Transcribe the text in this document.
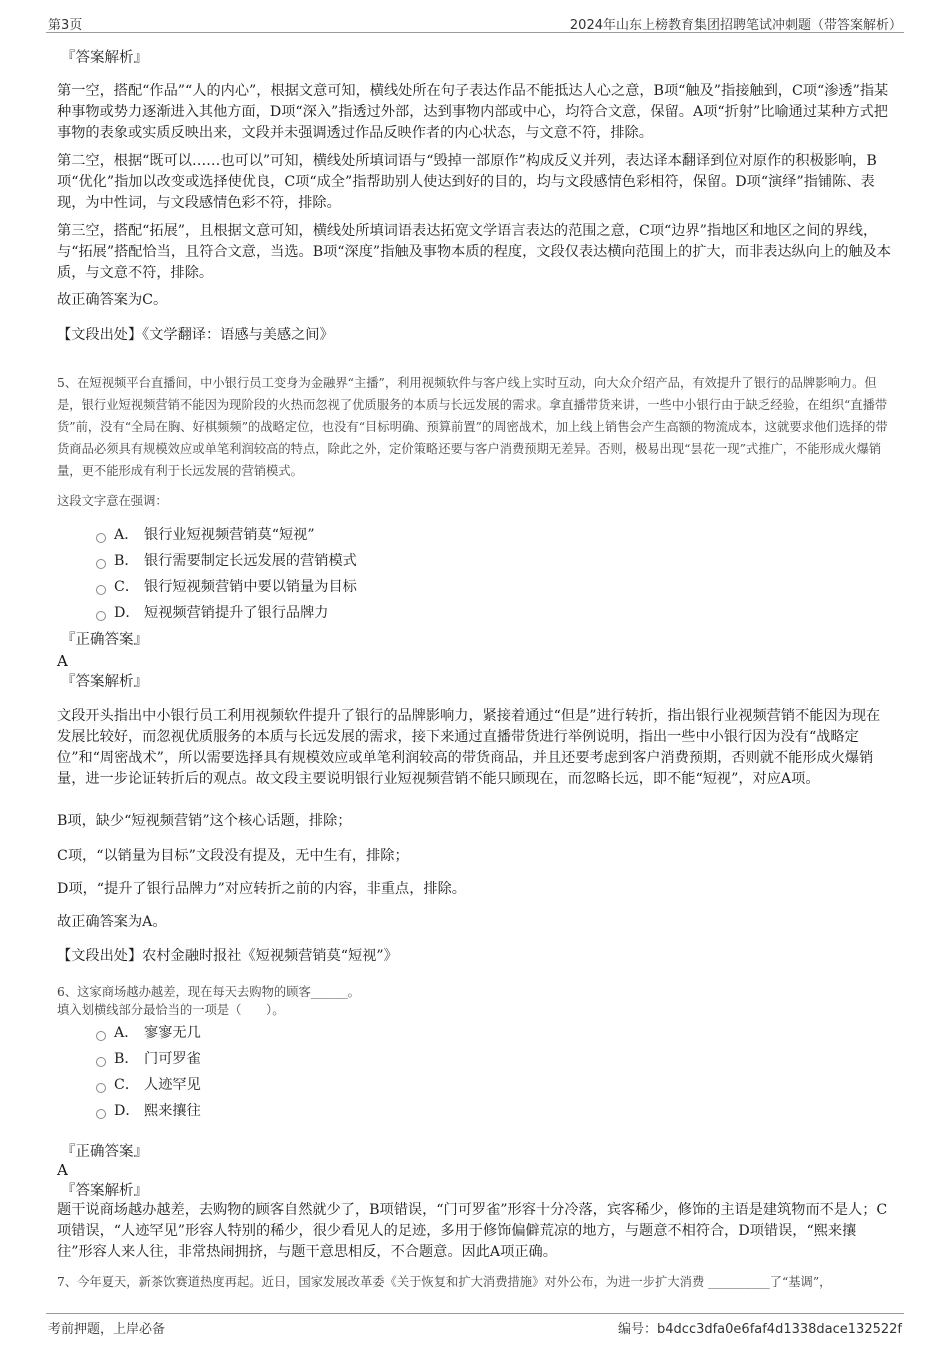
第3页	2024年山东上榜教育集团招聘笔试冲刺题（带答案解析）
『答案解析』
第一空，搭配“作品”“人的内心”，根据文意可知，横线处所在句子表达作品不能抵达人心之意，B项“触及”指接触到，C项“渗透”指某种事物或势力逐渐进入其他方面，D项“深入”指透过外部，达到事物内部或中心，均符合文意，保留。A项“折射”比喻通过某种方式把事物的表象或实质反映出来，文段并未强调透过作品反映作者的内心状态，与文意不符，排除。
第二空，根据“既可以……也可以”可知，横线处所填词语与“毁掉一部原作”构成反义并列，表达译本翻译到位对原作的积极影响，B项“优化”指加以改变或选择使优良，C项“成全”指帮助别人使达到好的目的，均与文段感情色彩相符，保留。D项“演绎”指铺陈、表现，为中性词，与文段感情色彩不符，排除。
第三空，搭配“拓展”，且根据文意可知，横线处所填词语表达拓宽文学语言表达的范围之意，C项“边界”指地区和地区之间的界线，与“拓展”搭配恰当，且符合文意，当选。B项“深度”指触及事物本质的程度，文段仅表达横向范围上的扩大，而非表达纵向上的触及本质，与文意不符，排除。
故正确答案为C。
【文段出处】《文学翻译：语感与美感之间》
5、在短视频平台直播间，中小银行员工变身为金融界“主播”，利用视频软件与客户线上实时互动，向大众介绍产品，有效提升了银行的品牌影响力。但是，银行业短视频营销不能因为现阶段的火热而忽视了优质服务的本质与长远发展的需求。拿直播带货来讲，一些中小银行由于缺乏经验，在组织“直播带货”前，没有“全局在胸、好棋频频”的战略定位，也没有“目标明确、预算前置”的周密战术，加上线上销售会产生高额的物流成本，这就要求他们选择的带货商品必须具有规模效应或单笔利润较高的特点，除此之外，定价策略还要与客户消费预期无差异。否则，极易出现“昙花一现”式推广，不能形成火爆销量，更不能形成有利于长远发展的营销模式。
这段文字意在强调：
A． 银行业短视频营销莫“短视”
B． 银行需要制定长远发展的营销模式
C． 银行短视频营销中要以销量为目标
D． 短视频营销提升了银行品牌力
『正确答案』
A
『答案解析』
文段开头指出中小银行员工利用视频软件提升了银行的品牌影响力，紧接着通过“但是”进行转折，指出银行业视频营销不能因为现在发展比较好，而忽视优质服务的本质与长远发展的需求，接下来通过直播带货进行举例说明，指出一些中小银行因为没有“战略定位”和“周密战术”，所以需要选择具有规模效应或单笔利润较高的带货商品，并且还要考虑到客户消费预期，否则就不能形成火爆销量，进一步论证转折后的观点。故文段主要说明银行业短视频营销不能只顾现在，而忽略长远，即不能“短视”，对应A项。
B项，缺少“短视频营销”这个核心话题，排除；
C项，“以销量为目标”文段没有提及，无中生有，排除；
D项，“提升了银行品牌力”对应转折之前的内容，非重点，排除。
故正确答案为A。
【文段出处】农村金融时报社《短视频营销莫“短视”》
6、这家商场越办越差，现在每天去购物的顾客______。
填入划横线部分最恰当的一项是（　　）。
A． 寥寥无几
B． 门可罗雀
C． 人迹罕见
D． 熙来攘往
『正确答案』
A
『答案解析』
题干说商场越办越差，去购物的顾客自然就少了，B项错误，“门可罗雀”形容十分冷落，宾客稀少，修饰的主语是建筑物而不是人；C项错误，“人迹罕见”形容人特别的稀少，很少看见人的足迹，多用于修饰偏僻荒凉的地方，与题意不相符合，D项错误，“熙来攘往”形容人来人往，非常热闹拥挤，与题干意思相反，不合题意。因此A项正确。
7、今年夏天，新茶饮赛道热度再起。近日，国家发展改革委《关于恢复和扩大消费措施》对外公布，为进一步扩大消费 __________了“基调”，
考前押题，上岸必备	编号：b4dcc3dfa0e6faf4d1338dace132522f
